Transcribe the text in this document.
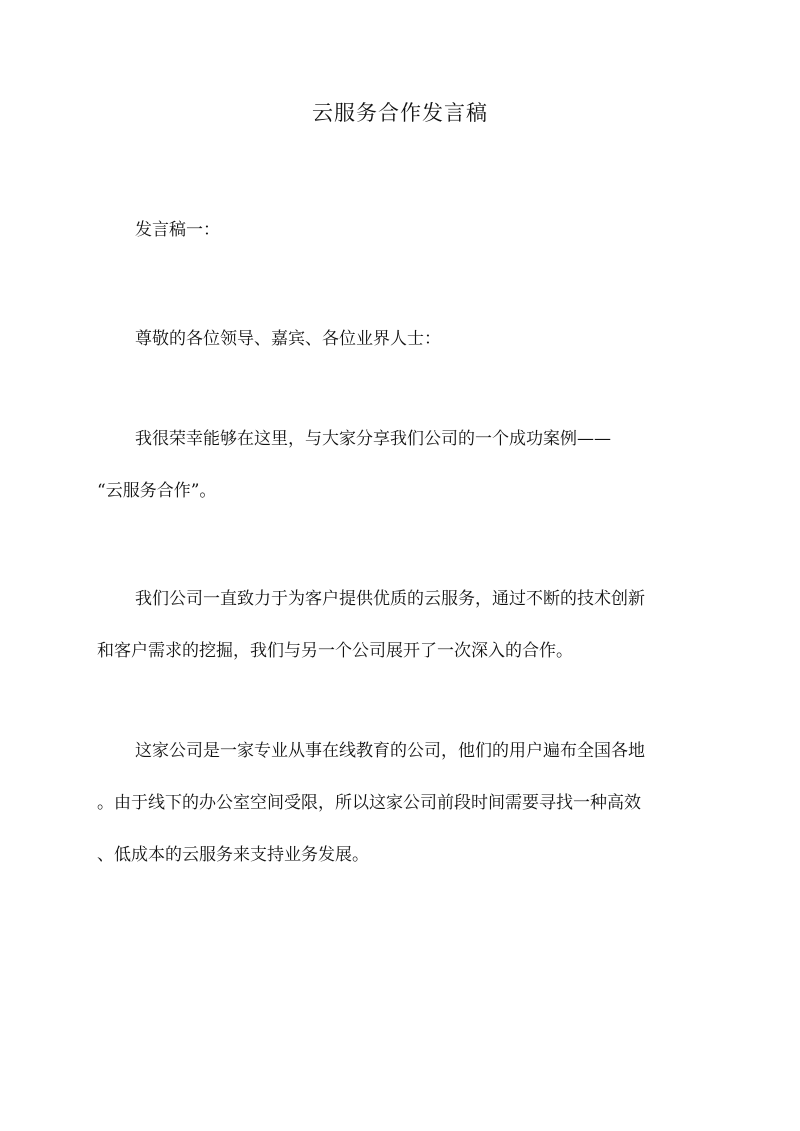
云服务合作发言稿
发言稿一：
尊敬的各位领导、嘉宾、各位业界人士：
我很荣幸能够在这里，与大家分享我们公司的一个成功案例——
“云服务合作”。
我们公司一直致力于为客户提供优质的云服务，通过不断的技术创新
和客户需求的挖掘，我们与另一个公司展开了一次深入的合作。
这家公司是一家专业从事在线教育的公司，他们的用户遍布全国各地
。由于线下的办公室空间受限，所以这家公司前段时间需要寻找一种高效
、低成本的云服务来支持业务发展。
